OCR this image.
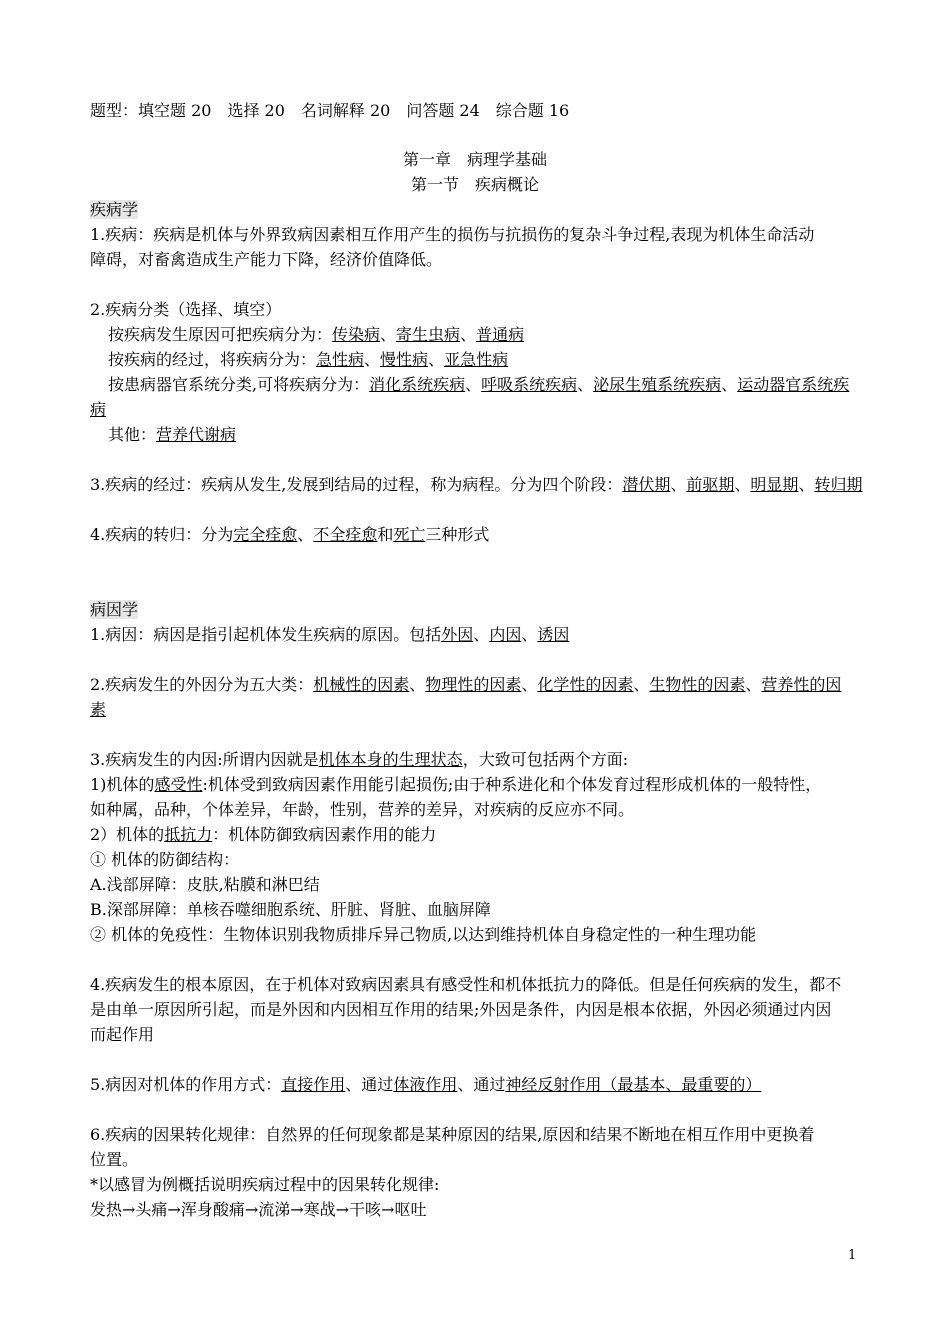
题型：填空题 20　选择 20　名词解释 20　问答题 24　综合题 16
第一章　病理学基础
第一节　疾病概论
疾病学
1.疾病：疾病是机体与外界致病因素相互作用产生的损伤与抗损伤的复杂斗争过程,表现为机体生命活动
障碍，对畜禽造成生产能力下降，经济价值降低。
2.疾病分类（选择、填空）
按疾病发生原因可把疾病分为：传染病、寄生虫病、普通病
按疾病的经过，将疾病分为：急性病、慢性病、亚急性病
按患病器官系统分类,可将疾病分为：消化系统疾病、呼吸系统疾病、泌尿生殖系统疾病、运动器官系统疾
病
其他：营养代谢病
3.疾病的经过：疾病从发生,发展到结局的过程，称为病程。分为四个阶段：潜伏期、前驱期、明显期、转归期
4.疾病的转归：分为完全痊愈、不全痊愈和死亡三种形式
病因学
1.病因：病因是指引起机体发生疾病的原因。包括外因、内因、诱因
2.疾病发生的外因分为五大类：机械性的因素、物理性的因素、化学性的因素、生物性的因素、营养性的因
素
3.疾病发生的内因:所谓内因就是机体本身的生理状态，大致可包括两个方面:
1)机体的感受性:机体受到致病因素作用能引起损伤;由于种系进化和个体发育过程形成机体的一般特性，
如种属，品种，个体差异，年龄，性别，营养的差异，对疾病的反应亦不同。
2）机体的抵抗力：机体防御致病因素作用的能力
① 机体的防御结构：
A.浅部屏障：皮肤,粘膜和淋巴结
B.深部屏障：单核吞噬细胞系统、肝脏、肾脏、血脑屏障
② 机体的免疫性：生物体识别我物质排斥异己物质,以达到维持机体自身稳定性的一种生理功能
4.疾病发生的根本原因，在于机体对致病因素具有感受性和机体抵抗力的降低。但是任何疾病的发生，都不
是由单一原因所引起，而是外因和内因相互作用的结果;外因是条件，内因是根本依据，外因必须通过内因
而起作用
5.病因对机体的作用方式：直接作用、通过体液作用、通过神经反射作用（最基本、最重要的）
6.疾病的因果转化规律：自然界的任何现象都是某种原因的结果,原因和结果不断地在相互作用中更换着
位置。
*以感冒为例概括说明疾病过程中的因果转化规律:
发热→头痛→浑身酸痛→流涕→寒战→干咳→呕吐
1
